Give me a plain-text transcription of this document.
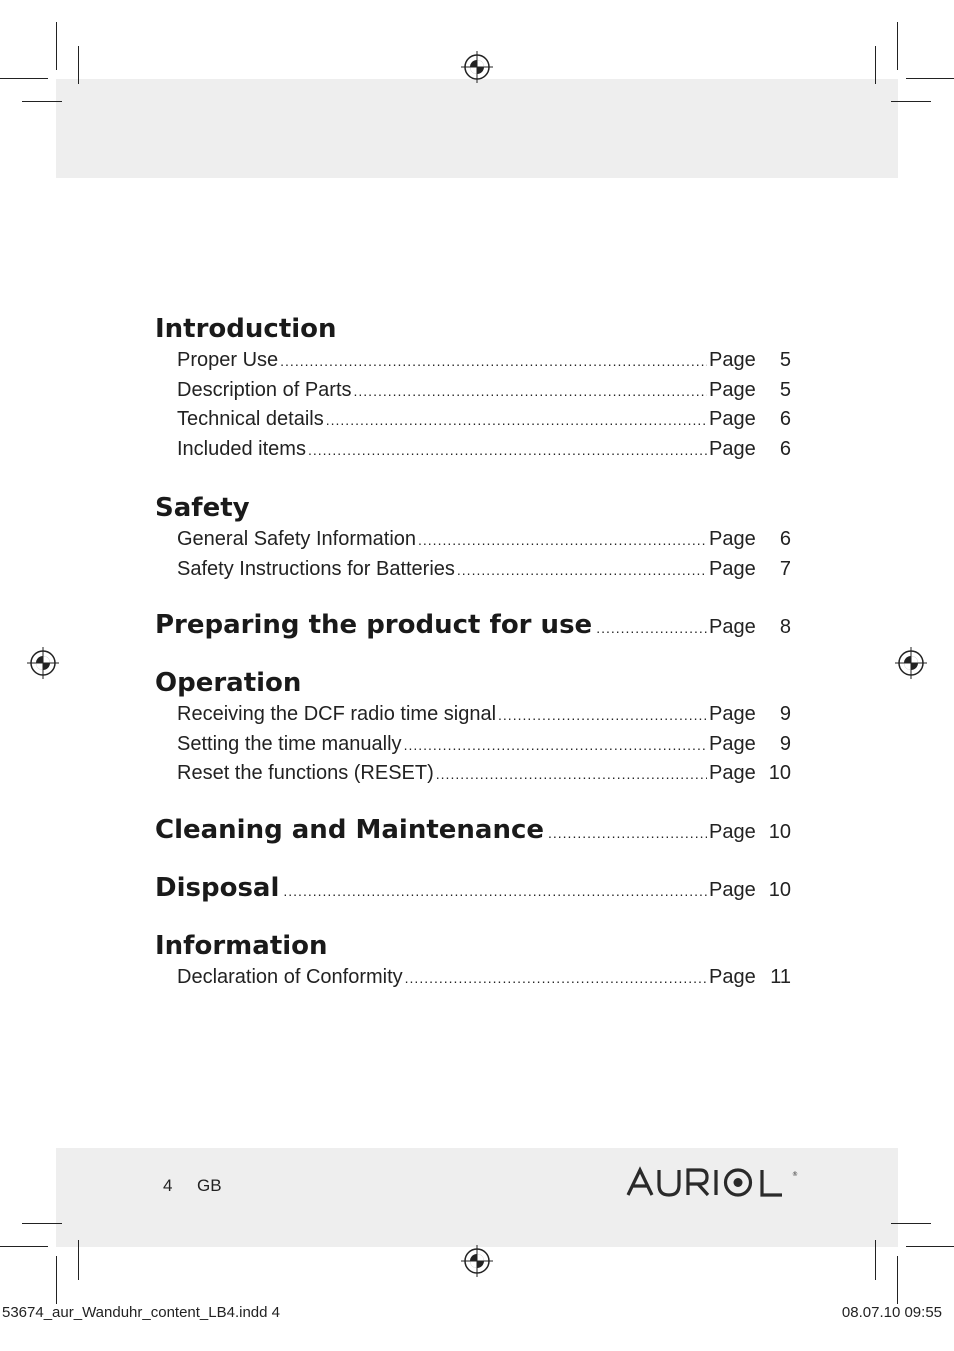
Introduction
Proper Use .....	Page	5
Description of Parts .....	Page	5
Technical details .....	Page	6
Included items .....	Page	6
Safety
General Safety Information .....	Page	6
Safety Instructions for Batteries .....	Page	7
Preparing the product for use .....	Page	8
Operation
Receiving the DCF radio time signal .....	Page	9
Setting the time manually .....	Page	9
Reset the functions (RESET) .....	Page 10
Cleaning and Maintenance .....	Page 10
Disposal .....	Page 10
Information
Declaration of Conformity .....	Page 11
4 GB
®
53674_aur_Wanduhr_content_LB4.indd 4	08.07.10 09:55
